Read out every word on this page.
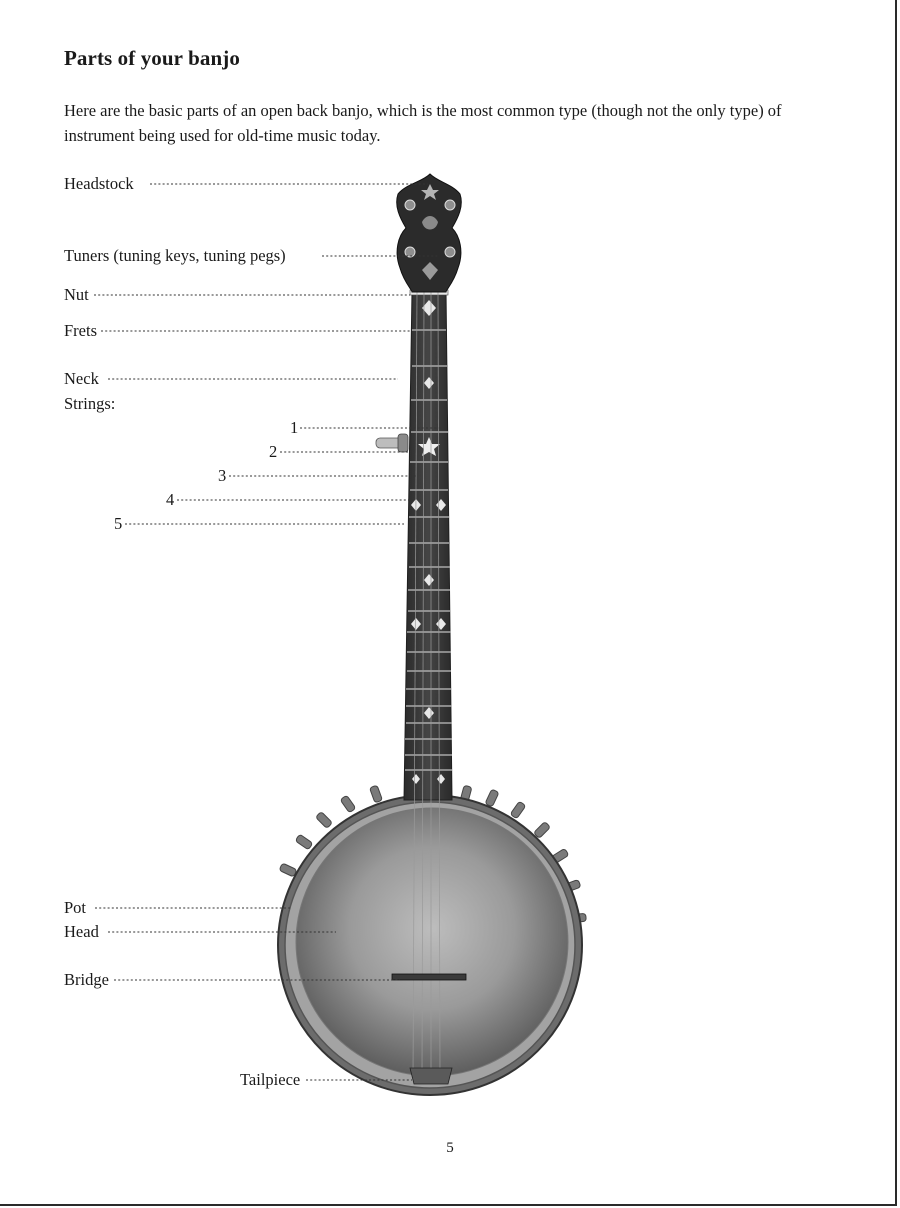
Parts of your banjo

Here are the basic parts of an open back banjo, which is the most common type (though not the only type) of instrument being used for old-time music today.

Headstock
Tuners (tuning keys, tuning pegs)
Nut
Frets
Neck
Strings:
1
2
3
4
5
Pot
Head
Bridge
Tailpiece
5
